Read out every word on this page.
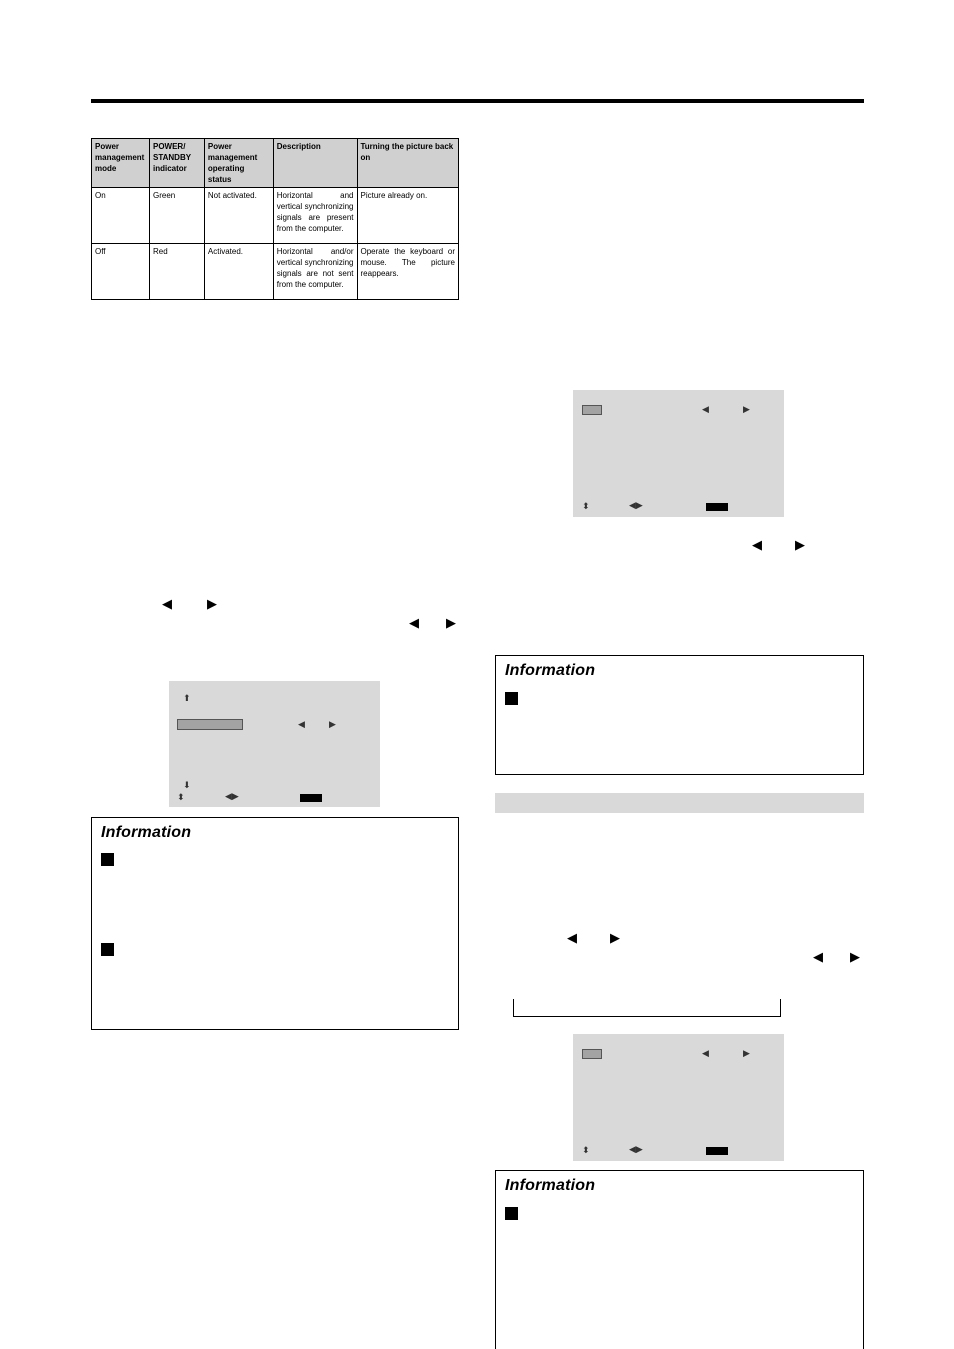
Power management mode	POWER/ STANDBY indicator	Power management operating status	Description	Turning the picture back on
On	Green	Not activated.	Horizontal and vertical synchronizing signals are present from the computer.	Picture already on.
Off	Red	Activated.	Horizontal and/or vertical synchronizing signals are not sent from the computer.	Operate the keyboard or mouse. The picture reappears.
◀	▶
◀ ▶
⬆
◀	▶
⬇
⬍	◀▶
Information
◀	▶
⬍	◀▶
◀	▶
Information
◀	▶
◀ ▶
◀	▶
⬍	◀▶
Information
